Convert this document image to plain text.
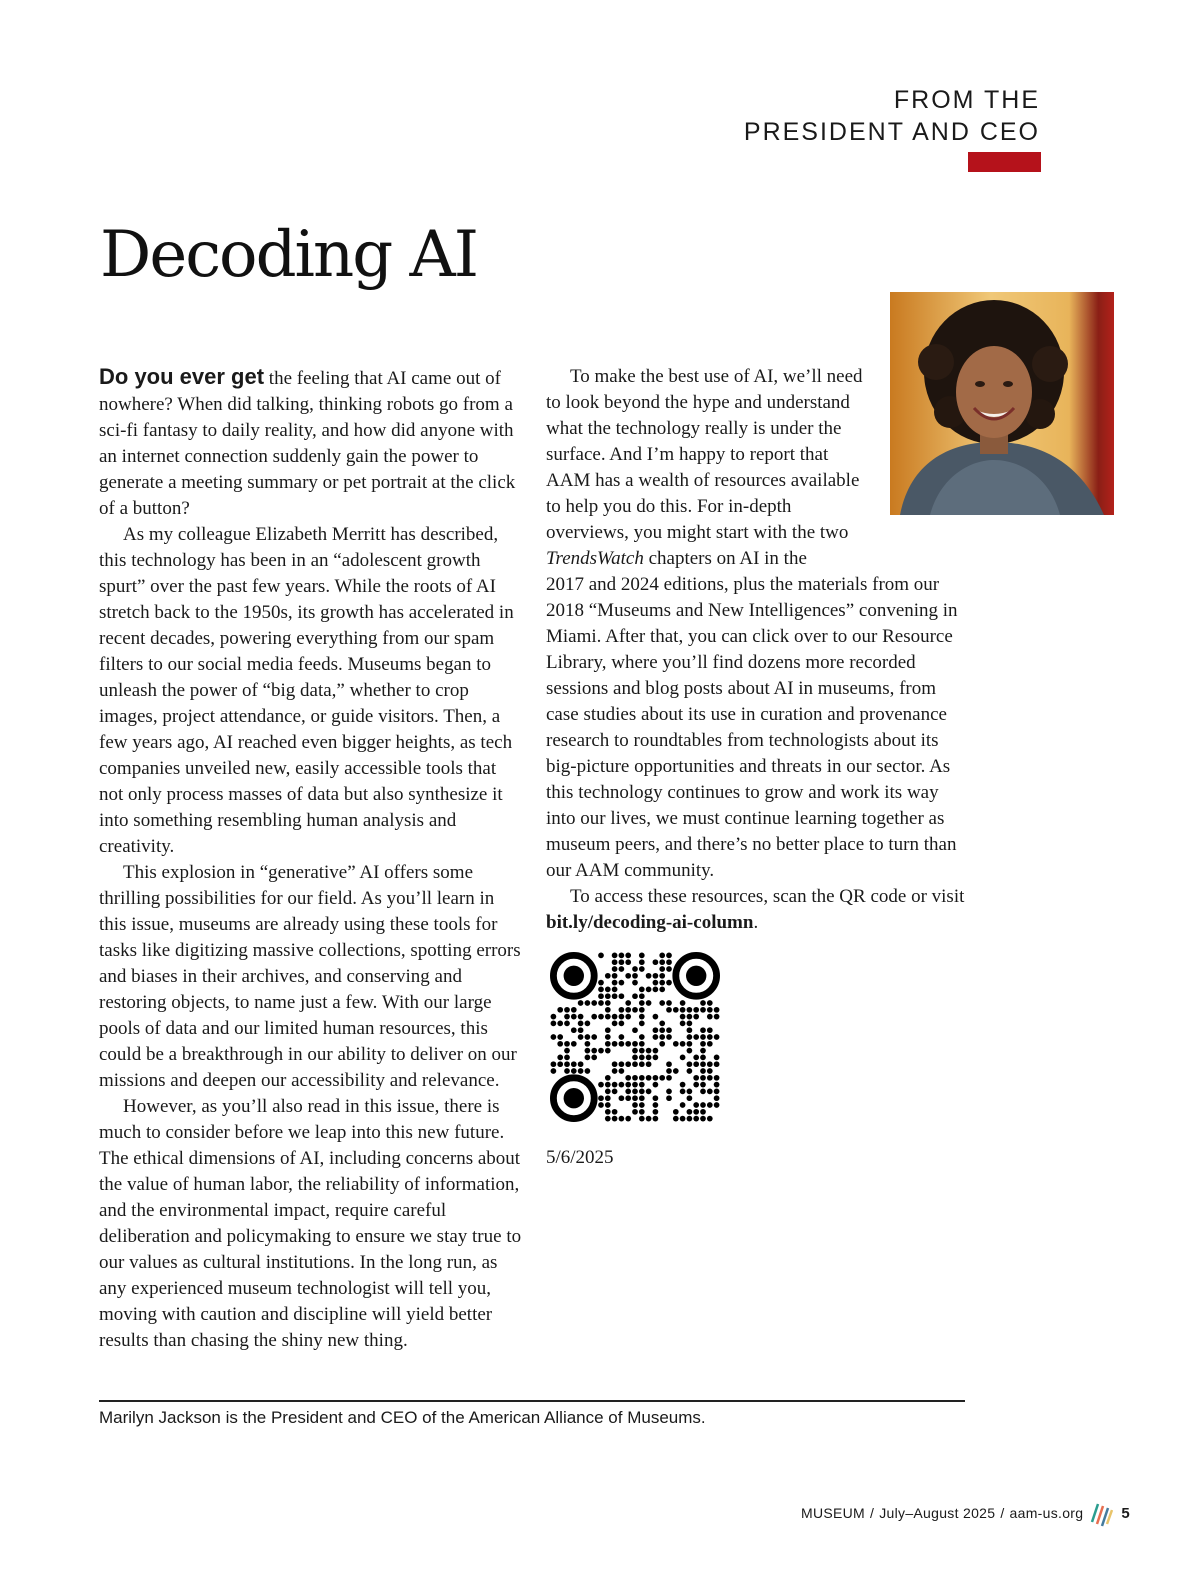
FROM THE
PRESIDENT AND CEO
Decoding AI

Do you ever get the feeling that AI came out of nowhere? When did talking, thinking robots go from a sci-fi fantasy to daily reality, and how did anyone with an internet connection suddenly gain the power to generate a meeting summary or pet portrait at the click of a button?

As my colleague Elizabeth Merritt has described, this technology has been in an “adolescent growth spurt” over the past few years. While the roots of AI stretch back to the 1950s, its growth has accelerated in recent decades, powering everything from our spam filters to our social media feeds. Museums began to unleash the power of “big data,” whether to crop images, project attendance, or guide visitors. Then, a few years ago, AI reached even bigger heights, as tech companies unveiled new, easily accessible tools that not only process masses of data but also synthesize it into something resembling human analysis and creativity.

This explosion in “generative” AI offers some thrilling possibilities for our field. As you’ll learn in this issue, museums are already using these tools for tasks like digitizing massive collections, spotting errors and biases in their archives, and conserving and restoring objects, to name just a few. With our large pools of data and our limited human resources, this could be a breakthrough in our ability to deliver on our missions and deepen our accessibility and relevance.

However, as you’ll also read in this issue, there is much to consider before we leap into this new future. The ethical dimensions of AI, including concerns about the value of human labor, the reliability of information, and the environmental impact, require careful deliberation and policymaking to ensure we stay true to our values as cultural institutions. In the long run, as any experienced museum technologist will tell you, moving with caution and discipline will yield better results than chasing the shiny new thing.

To make the best use of AI, we’ll need to look beyond the hype and understand what the technology really is under the surface. And I’m happy to report that AAM has a wealth of resources available to help you do this. For in-depth overviews, you might start with the two TrendsWatch chapters on AI in the

2017 and 2024 editions, plus the materials from our 2018 “Museums and New Intelligences” convening in Miami. After that, you can click over to our Resource Library, where you’ll find dozens more recorded sessions and blog posts about AI in museums, from case studies about its use in curation and provenance research to roundtables from technologists about its big-picture opportunities and threats in our sector. As this technology continues to grow and work its way into our lives, we must continue learning together as museum peers, and there’s no better place to turn than our AAM community.

To access these resources, scan the QR code or visit bit.ly/decoding-ai-column.

5/6/2025
Marilyn Jackson is the President and CEO of the American Alliance of Museums.
MUSEUM / July–August 2025 / aam-us.org	5
